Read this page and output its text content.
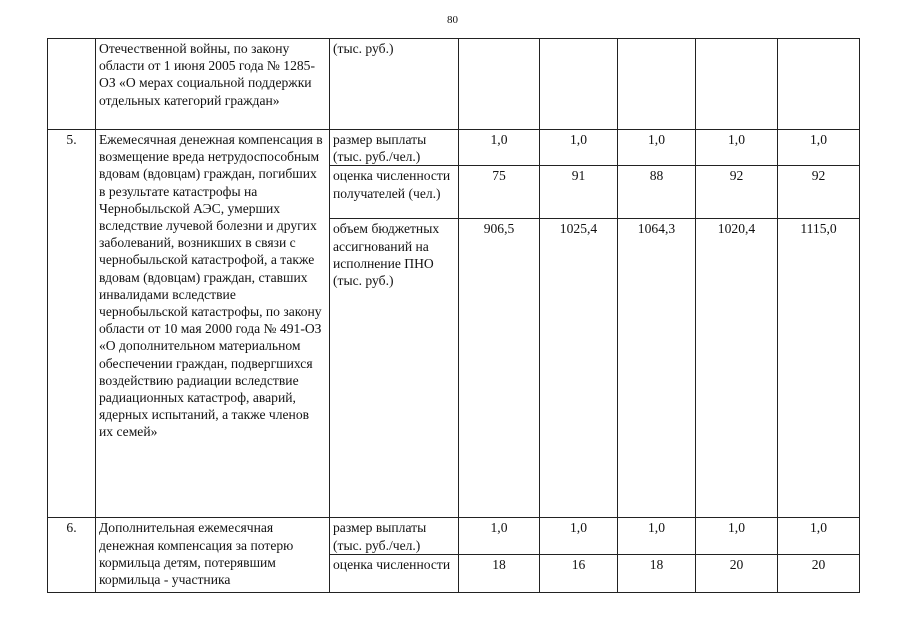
80
	Отечественной войны, по закону области от 1 июня 2005 года № 1285-ОЗ «О мерах социальной поддержки отдельных категорий граждан»	(тыс. руб.)					
5.	Ежемесячная денежная компенсация в возмещение вреда нетрудоспособным вдовам (вдовцам) граждан, погибших в результате катастрофы на Чернобыльской АЭС, умерших вследствие лучевой болезни и других заболеваний, возникших в связи с чернобыльской катастрофой, а также вдовам (вдовцам) граждан, ставших инвалидами вследствие чернобыльской катастрофы, по закону области от 10 мая 2000 года № 491-ОЗ «О дополнительном материальном обеспечении граждан, подвергшихся воздействию радиации вследствие радиационных катастроф, аварий, ядерных испытаний, а также членов их семей»	размер выплаты (тыс. руб./чел.)	1,0	1,0	1,0	1,0	1,0
		оценка численности получателей (чел.)	75	91	88	92	92
		объем бюджетных ассигнований на исполнение ПНО (тыс. руб.)	906,5	1025,4	1064,3	1020,4	1115,0
6.	Дополнительная ежемесячная денежная компенсация за потерю кормильца детям, потерявшим кормильца - участника	размер выплаты (тыс. руб./чел.)	1,0	1,0	1,0	1,0	1,0
		оценка численности	18	16	18	20	20
